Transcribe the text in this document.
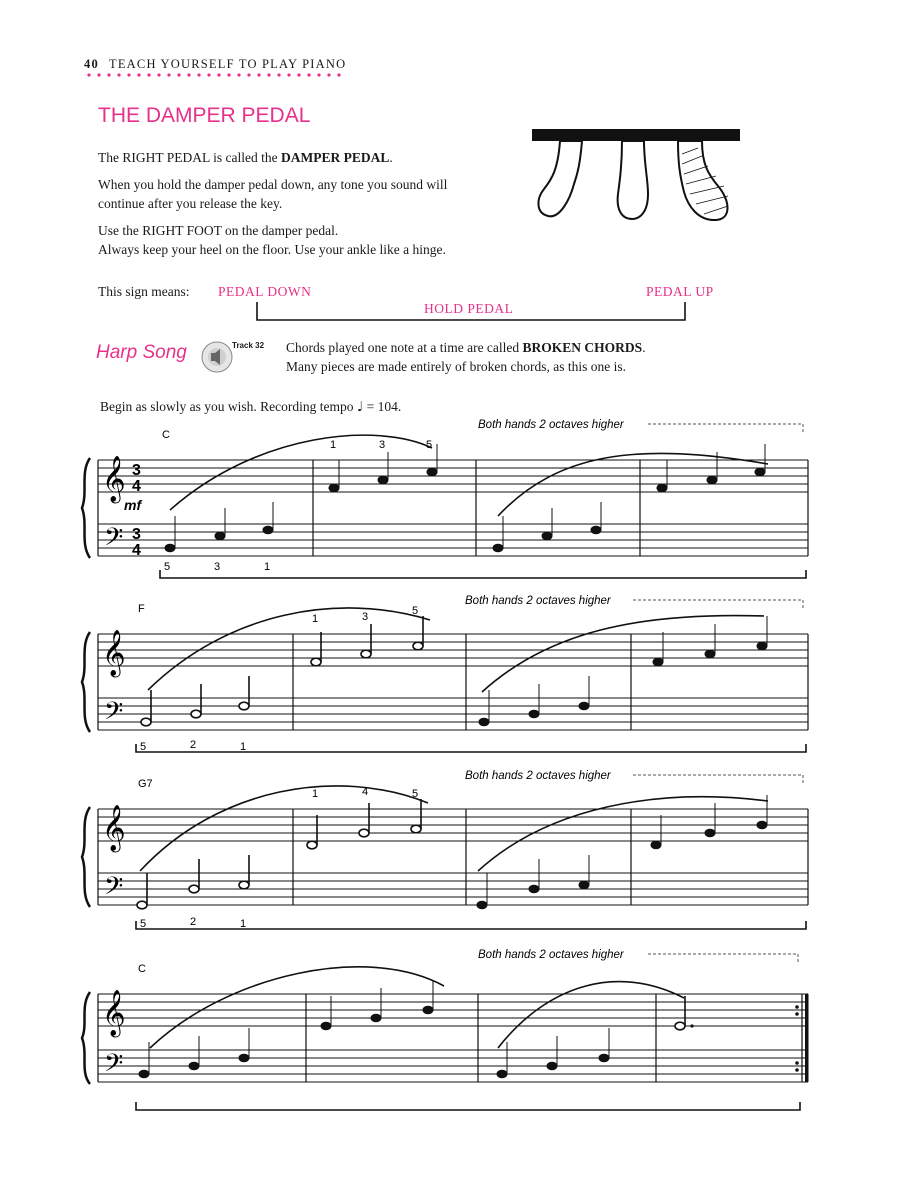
40 TEACH YOURSELF TO PLAY PIANO
THE DAMPER PEDAL
The RIGHT PEDAL is called the DAMPER PEDAL.
When you hold the damper pedal down, any tone you sound will
continue after you release the key.
Use the RIGHT FOOT on the damper pedal.
Always keep your heel on the floor. Use your ankle like a hinge.
This sign means: PEDAL DOWN
HOLD PEDAL
PEDAL UP
Harp Song	Track 32 Chords played one note at a time are called BROKEN CHORDS.
Many pieces are made entirely of broken chords, as this one is.
Begin as slowly as you wish. Recording tempo ♩ = 104.
Both hands 2 octaves higher
C
𝄞
𝄢
3
4
3
4
mf
1	3	5
5	3	1
Both hands 2 octaves higher
F
𝄞
𝄢
1	3	5
5	2	1
Both hands 2 octaves higher
G7
𝄞
𝄢
1	4	5
5	2	1
Both hands 2 octaves higher
C
𝄞
𝄢
